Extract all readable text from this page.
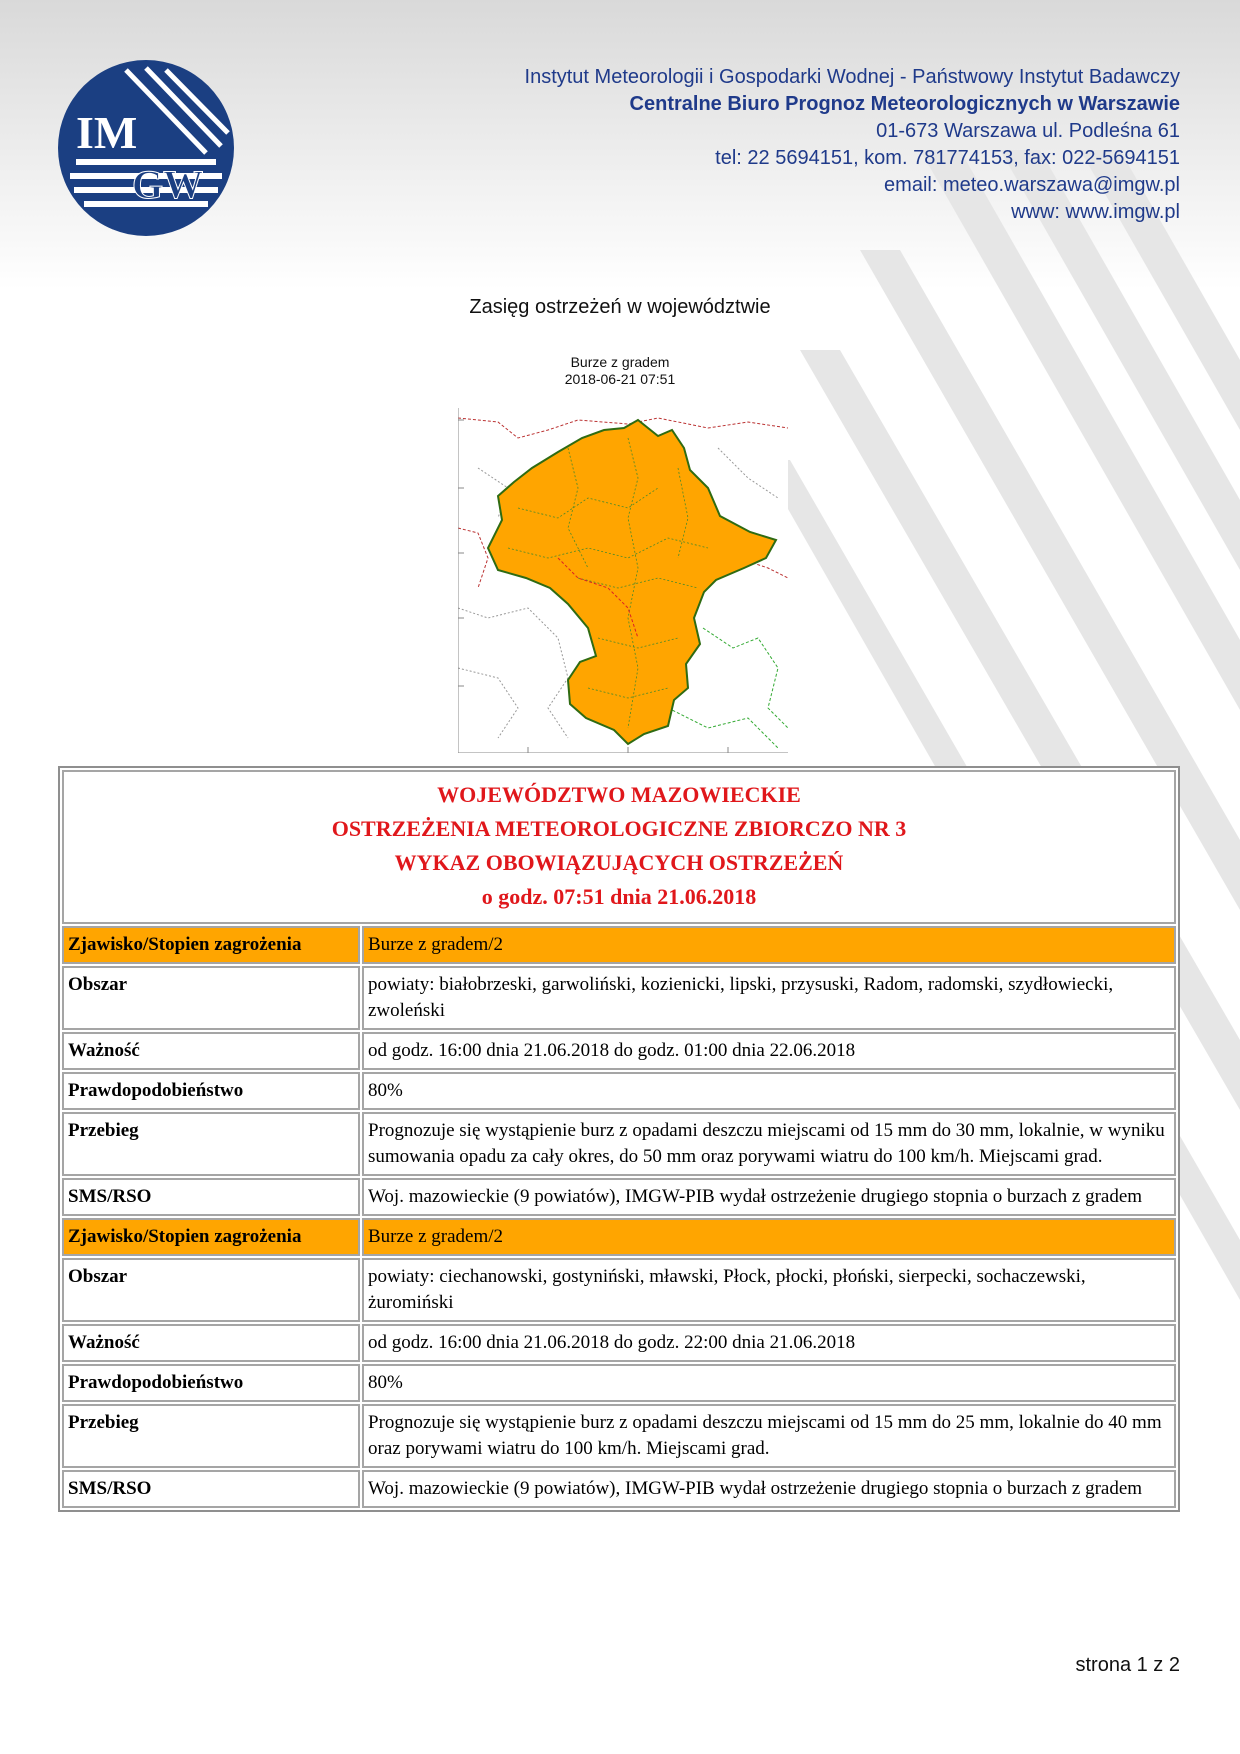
IM
GW
Instytut Meteorologii i Gospodarki Wodnej - Państwowy Instytut Badawczy
Centralne Biuro Prognoz Meteorologicznych w Warszawie
01-673 Warszawa ul. Podleśna 61
tel: 22 5694151, kom. 781774153, fax: 022-5694151
email: meteo.warszawa@imgw.pl
www: www.imgw.pl
Zasięg ostrzeżeń w województwie
Burze z gradem
2018-06-21 07:51
WOJEWÓDZTWO MAZOWIECKIE
OSTRZEŻENIA METEOROLOGICZNE ZBIORCZO NR 3
WYKAZ OBOWIĄZUJĄCYCH OSTRZEŻEŃ
o godz. 07:51 dnia 21.06.2018	

Zjawisko/Stopien zagrożenia	Burze z gradem/2
Obszar	powiaty: białobrzeski, garwoliński, kozienicki, lipski, przysuski, Radom, radomski, szydłowiecki, zwoleński
Ważność	od godz. 16:00 dnia 21.06.2018 do godz. 01:00 dnia 22.06.2018
Prawdopodobieństwo	80%
Przebieg	Prognozuje się wystąpienie burz z opadami deszczu miejscami od 15 mm do 30 mm, lokalnie, w wyniku sumowania opadu za cały okres, do 50 mm oraz porywami wiatru do 100 km/h. Miejscami grad.
SMS/RSO	Woj. mazowieckie (9 powiatów), IMGW-PIB wydał ostrzeżenie drugiego stopnia o burzach z gradem
Zjawisko/Stopien zagrożenia	Burze z gradem/2
Obszar	powiaty: ciechanowski, gostyniński, mławski, Płock, płocki, płoński, sierpecki, sochaczewski, żuromiński
Ważność	od godz. 16:00 dnia 21.06.2018 do godz. 22:00 dnia 21.06.2018
Prawdopodobieństwo	80%
Przebieg	Prognozuje się wystąpienie burz z opadami deszczu miejscami od 15 mm do 25 mm, lokalnie do 40 mm oraz porywami wiatru do 100 km/h. Miejscami grad.
SMS/RSO	Woj. mazowieckie (9 powiatów), IMGW-PIB wydał ostrzeżenie drugiego stopnia o burzach z gradem
strona 1 z 2
